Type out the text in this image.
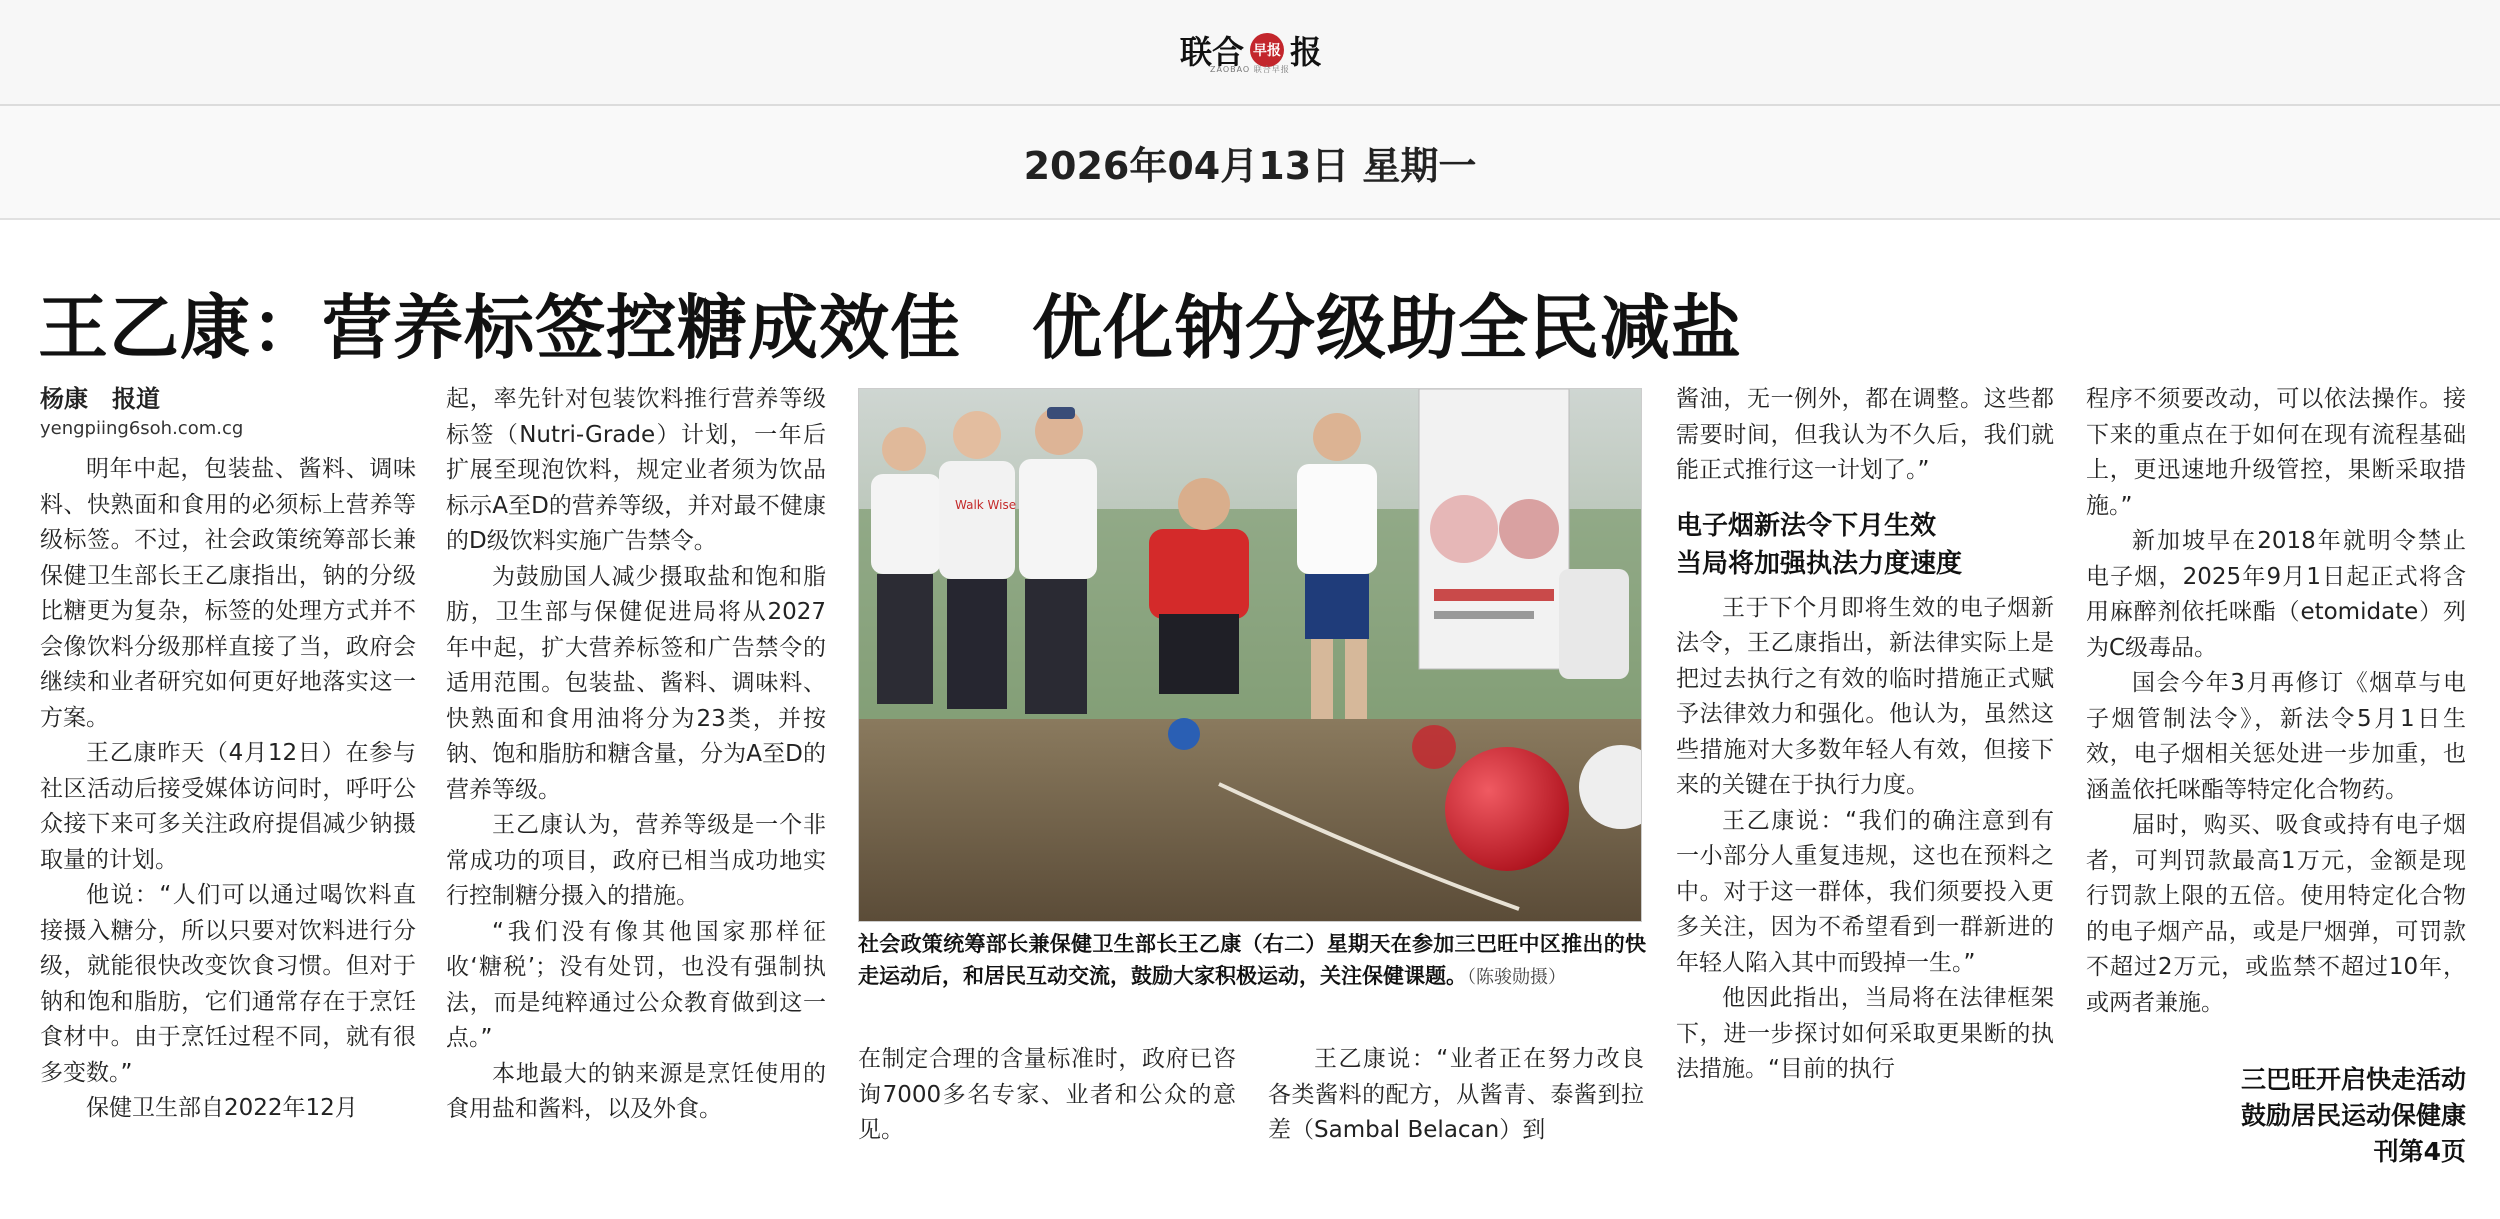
联合 早报 报
ZAOBAO 联合早报
2026年04月13日 星期一
王乙康：营养标签控糖成效佳　优化钠分级助全民减盐
杨康　报道
yengpiing6soh.com.cg

明年中起，包装盐、酱料、调味料、快熟面和食用的必须标上营养等级标签。不过，社会政策统筹部长兼保健卫生部长王乙康指出，钠的分级比糖更为复杂，标签的处理方式并不会像饮料分级那样直接了当，政府会继续和业者研究如何更好地落实这一方案。

王乙康昨天（4月12日）在参与社区活动后接受媒体访问时，呼吁公众接下来可多关注政府提倡减少钠摄取量的计划。

他说：“人们可以通过喝饮料直接摄入糖分，所以只要对饮料进行分级，就能很快改变饮食习惯。但对于钠和饱和脂肪，它们通常存在于烹饪食材中。由于烹饪过程不同，就有很多变数。”

保健卫生部自2022年12月

起，率先针对包装饮料推行营养等级标签（Nutri-Grade）计划，一年后扩展至现泡饮料，规定业者须为饮品标示A至D的营养等级，并对最不健康的D级饮料实施广告禁令。

为鼓励国人减少摄取盐和饱和脂肪，卫生部与保健促进局将从2027年中起，扩大营养标签和广告禁令的适用范围。包装盐、酱料、调味料、快熟面和食用油将分为23类，并按钠、饱和脂肪和糖含量，分为A至D的营养等级。

王乙康认为，营养等级是一个非常成功的项目，政府已相当成功地实行控制糖分摄入的措施。

“我们没有像其他国家那样征收‘糖税’；没有处罚，也没有强制执法，而是纯粹通过公众教育做到这一点。”

本地最大的钠来源是烹饪使用的食用盐和酱料，以及外食。

Walk Wise
社会政策统筹部长兼保健卫生部长王乙康（右二）星期天在参加三巴旺中区推出的快走运动后，和居民互动交流，鼓励大家积极运动，关注保健课题。（陈骏勋摄）

在制定合理的含量标准时，政府已咨询7000多名专家、业者和公众的意见。

王乙康说：“业者正在努力改良各类酱料的配方，从酱青、泰酱到拉差（Sambal Belacan）到

酱油，无一例外，都在调整。这些都需要时间，但我认为不久后，我们就能正式推行这一计划了。”

电子烟新法令下月生效
当局将加强执法力度速度

王于下个月即将生效的电子烟新法令，王乙康指出，新法律实际上是把过去执行之有效的临时措施正式赋予法律效力和强化。他认为，虽然这些措施对大多数年轻人有效，但接下来的关键在于执行力度。

王乙康说：“我们的确注意到有一小部分人重复违规，这也在预料之中。对于这一群体，我们须要投入更多关注，因为不希望看到一群新进的年轻人陷入其中而毁掉一生。”

他因此指出，当局将在法律框架下，进一步探讨如何采取更果断的执法措施。“目前的执行

程序不须要改动，可以依法操作。接下来的重点在于如何在现有流程基础上，更迅速地升级管控，果断采取措施。”

新加坡早在2018年就明令禁止电子烟，2025年9月1日起正式将含用麻醉剂依托咪酯（etomidate）列为C级毒品。

国会今年3月再修订《烟草与电子烟管制法令》，新法令5月1日生效，电子烟相关惩处进一步加重，也涵盖依托咪酯等特定化合物药。

届时，购买、吸食或持有电子烟者，可判罚款最高1万元，金额是现行罚款上限的五倍。使用特定化合物的电子烟产品，或是尸烟弹，可罚款不超过2万元，或监禁不超过10年，或两者兼施。

三巴旺开启快走活动
鼓励居民运动保健康
刊第4页
